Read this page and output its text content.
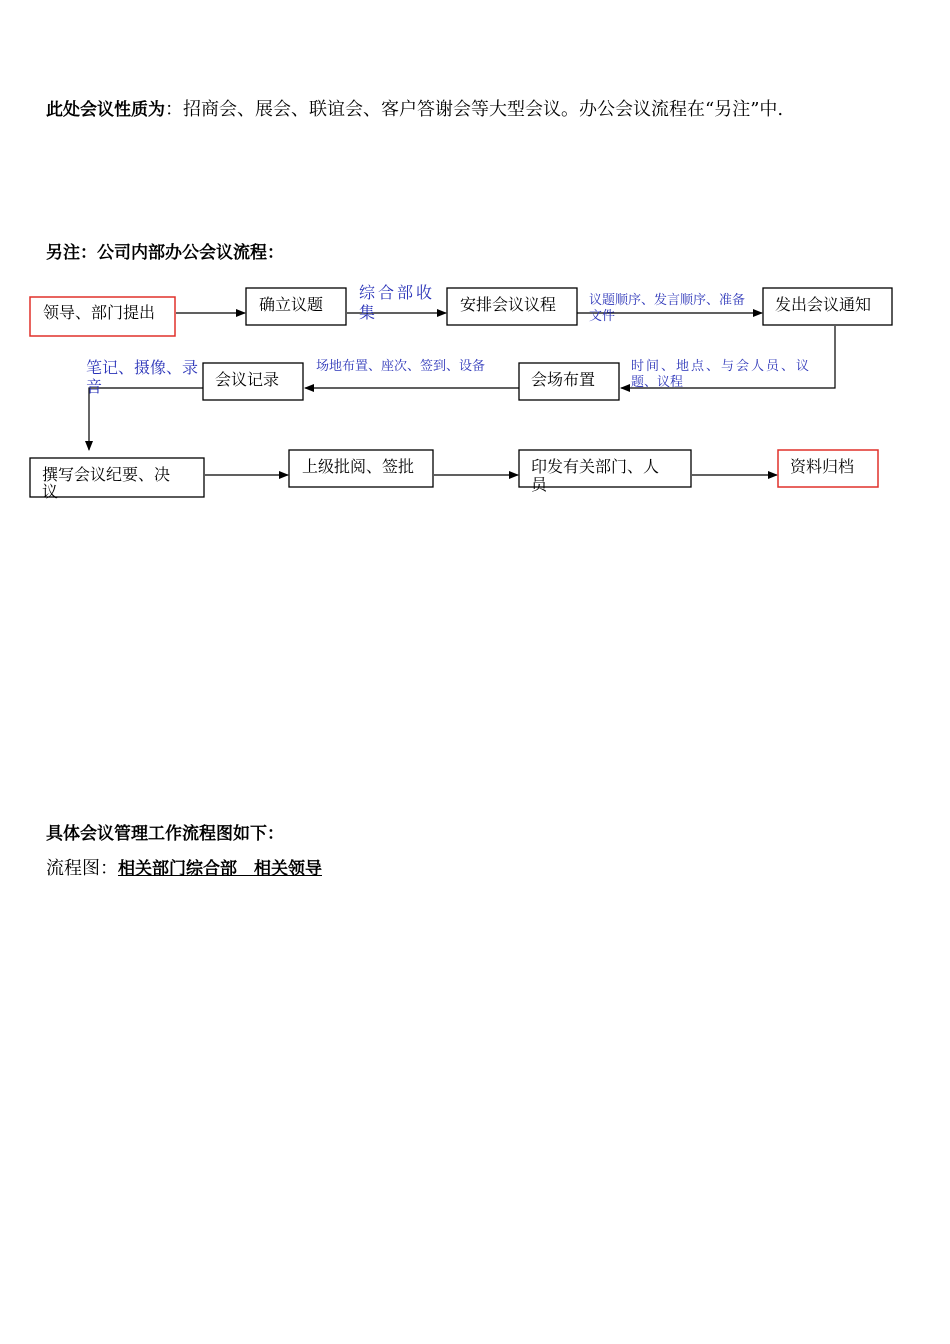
此处会议性质为：招商会、展会、联谊会、客户答谢会等大型会议。办公会议流程在“另注”中.
另注：公司内部办公会议流程：
领导、部门提出	确立议题	安排会议议程	发出会议通知
会议记录	会场布置
撰写会议纪要、决
议
上级批阅、签批	印发有关部门、人
员
资料归档
综合部收
集
议题顺序、发言顺序、准备
文件
时间、地点、与会人员、议
题、议程
场地布置、座次、签到、设备
笔记、摄像、录
音
具体会议管理工作流程图如下：
流程图：相关部门综合部  相关领导
